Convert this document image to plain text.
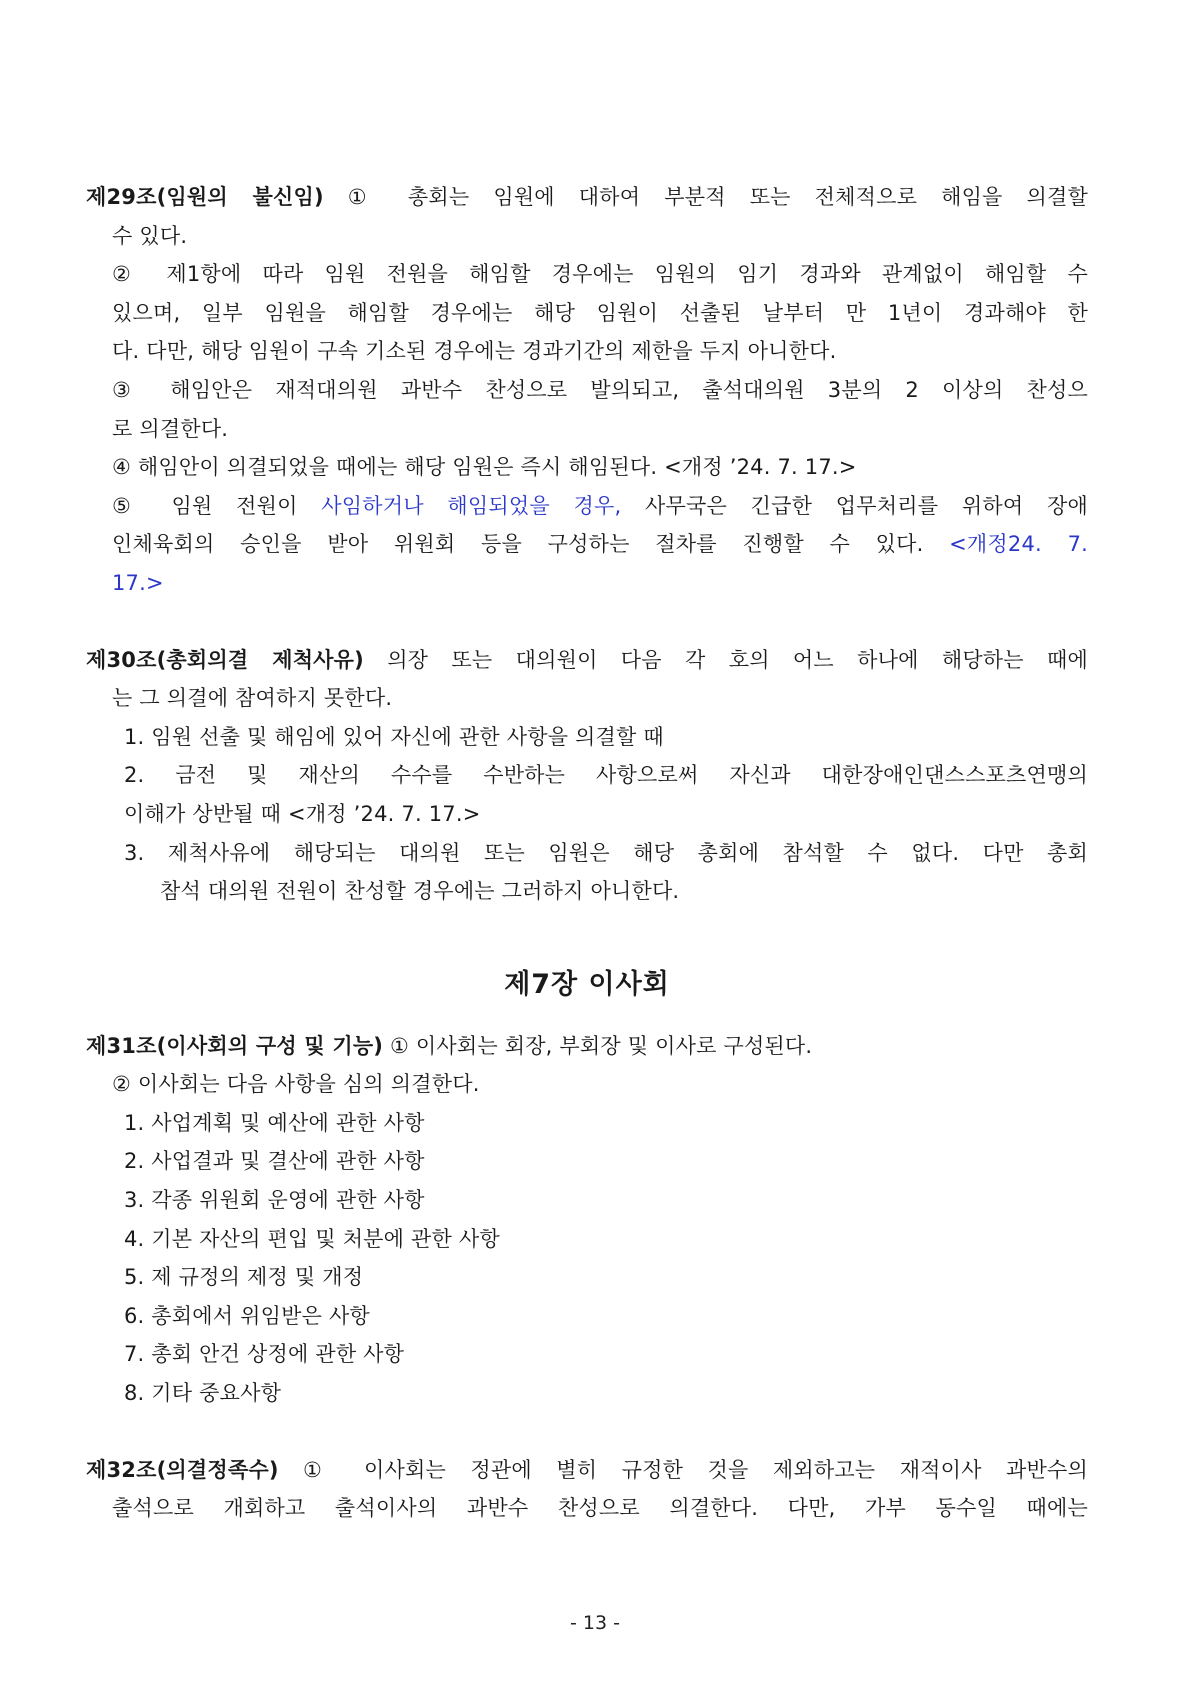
제29조(임원의 불신임) ① 총회는 임원에 대하여 부분적 또는 전체적으로 해임을 의결할
수 있다.
② 제1항에 따라 임원 전원을 해임할 경우에는 임원의 임기 경과와 관계없이 해임할 수
있으며, 일부 임원을 해임할 경우에는 해당 임원이 선출된 날부터 만 1년이 경과해야 한
다. 다만, 해당 임원이 구속 기소된 경우에는 경과기간의 제한을 두지 아니한다.
③ 해임안은 재적대의원 과반수 찬성으로 발의되고, 출석대의원 3분의 2 이상의 찬성으
로 의결한다.
④ 해임안이 의결되었을 때에는 해당 임원은 즉시 해임된다. <개정 ’24. 7. 17.>
⑤ 임원 전원이 사임하거나 해임되었을 경우, 사무국은 긴급한 업무처리를 위하여 장애
인체육회의 승인을 받아 위원회 등을 구성하는 절차를 진행할 수 있다. <개정24. 7.
17.>
제30조(총회의결 제척사유) 의장 또는 대의원이 다음 각 호의 어느 하나에 해당하는 때에
는 그 의결에 참여하지 못한다.
1. 임원 선출 및 해임에 있어 자신에 관한 사항을 의결할 때
2. 금전 및 재산의 수수를 수반하는 사항으로써 자신과 대한장애인댄스스포츠연맹의
이해가 상반될 때 <개정 ’24. 7. 17.>
3. 제척사유에 해당되는 대의원 또는 임원은 해당 총회에 참석할 수 없다. 다만 총회
참석 대의원 전원이 찬성할 경우에는 그러하지 아니한다.
제7장 이사회
제31조(이사회의 구성 및 기능) ① 이사회는 회장, 부회장 및 이사로 구성된다.
② 이사회는 다음 사항을 심의 의결한다.
1. 사업계획 및 예산에 관한 사항
2. 사업결과 및 결산에 관한 사항
3. 각종 위원회 운영에 관한 사항
4. 기본 자산의 편입 및 처분에 관한 사항
5. 제 규정의 제정 및 개정
6. 총회에서 위임받은 사항
7. 총회 안건 상정에 관한 사항
8. 기타 중요사항
제32조(의결정족수) ① 이사회는 정관에 별히 규정한 것을 제외하고는 재적이사 과반수의
출석으로 개회하고 출석이사의 과반수 찬성으로 의결한다. 다만, 가부 동수일 때에는
- 13 -
